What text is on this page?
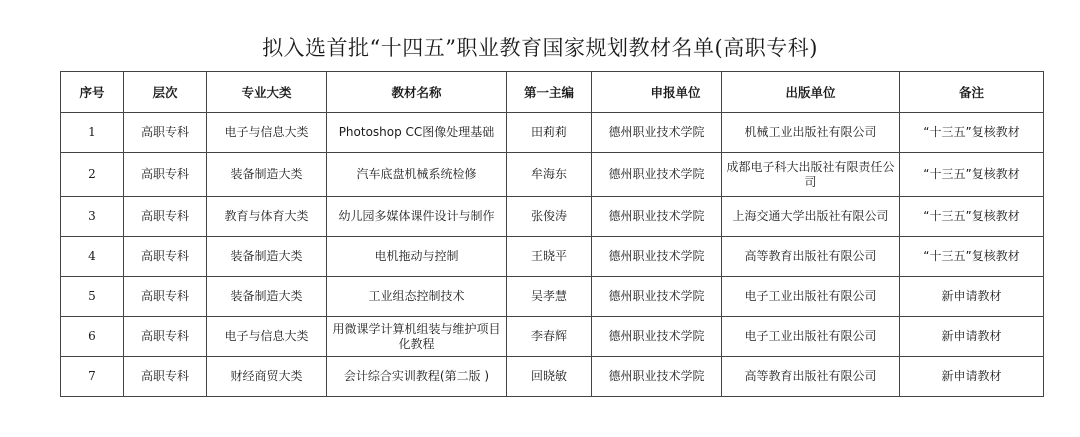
拟入选首批“十四五”职业教育国家规划教材名单(高职专科)
序号	层次	专业大类	教材名称	第一主编	申报单位	出版单位	备注
1	高职专科	电子与信息大类	Photoshop CC图像处理基础	田莉莉	德州职业技术学院	机械工业出版社有限公司	“十三五”复核教材
2	高职专科	装备制造大类	汽车底盘机械系统检修	牟海东	德州职业技术学院	成都电子科大出版社有限责任公司	“十三五”复核教材
3	高职专科	教育与体育大类	幼儿园多媒体课件设计与制作	张俊涛	德州职业技术学院	上海交通大学出版社有限公司	“十三五”复核教材
4	高职专科	装备制造大类	电机拖动与控制	王晓平	德州职业技术学院	高等教育出版社有限公司	“十三五”复核教材
5	高职专科	装备制造大类	工业组态控制技术	吴孝慧	德州职业技术学院	电子工业出版社有限公司	新申请教材
6	高职专科	电子与信息大类	用微课学计算机组装与维护项目化教程	李春辉	德州职业技术学院	电子工业出版社有限公司	新申请教材
7	高职专科	财经商贸大类	会计综合实训教程(第二版 )	回晓敏	德州职业技术学院	高等教育出版社有限公司	新申请教材
